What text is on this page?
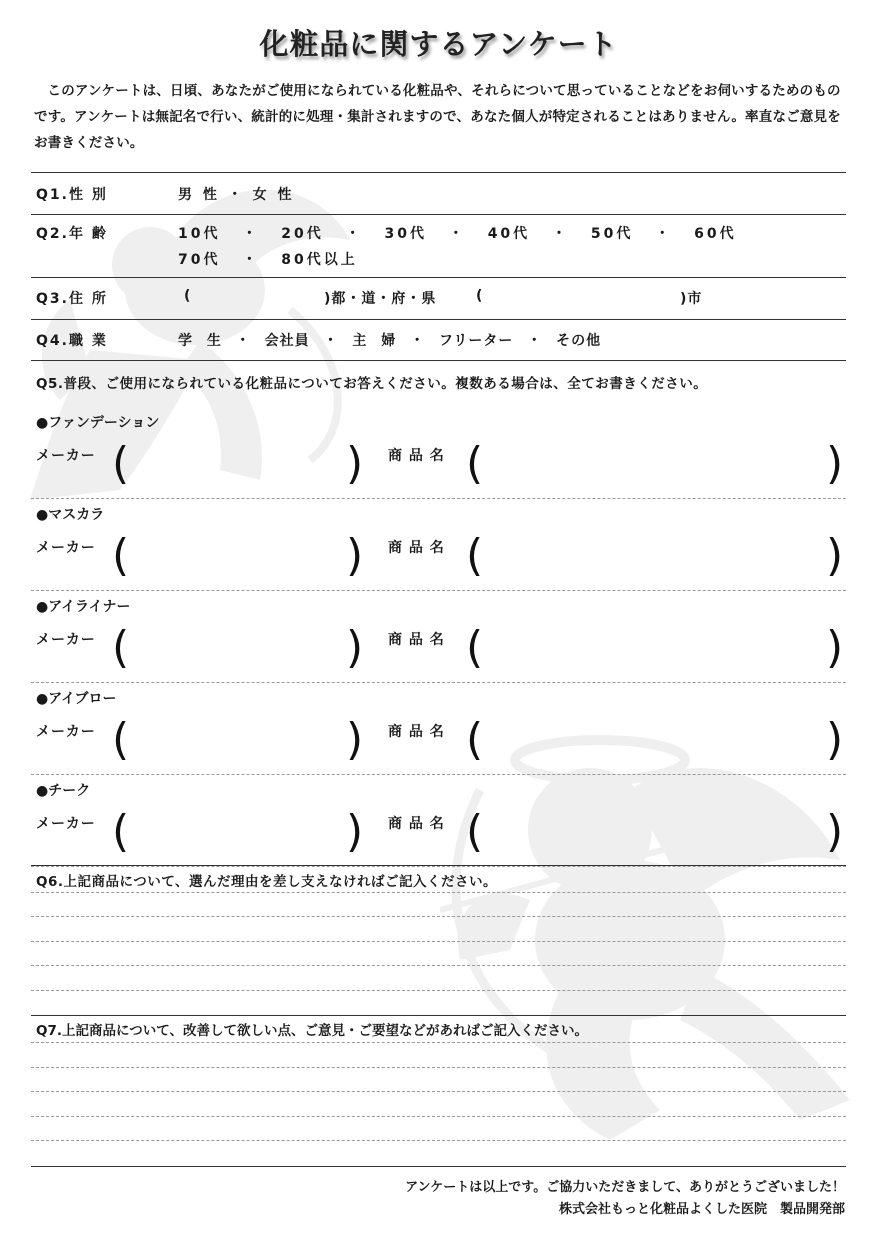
化粧品に関するアンケート
このアンケートは、日頃、あなたがご使用になられている化粧品や、それらについて思っていることなどをお伺いするためのものです。アンケートは無記名で行い、統計的に処理・集計されますので、あなた個人が特定されることはありません。率直なご意見をお書きください。
Q1.性 別	男 性 ・ 女 性
Q2.年 齢	10代 ・ 20代 ・ 30代 ・ 40代 ・ 50代 ・ 60代
70代 ・ 80代以上
Q3.住 所	(	)都・道・府・県	(	)市
Q4.職 業	学 生 ・ 会社員 ・ 主 婦 ・ フリーター ・ その他
Q5.普段、ご使用になられている化粧品についてお答えください。複数ある場合は、全てお書きください。
●ファンデーション
メーカー (	) 商 品 名 (	)
●マスカラ
メーカー (	) 商 品 名 (	)
●アイライナー
メーカー (	) 商 品 名 (	)
●アイブロー
メーカー (	) 商 品 名 (	)
●チーク
メーカー (	) 商 品 名 (	)
Q6.上記商品について、選んだ理由を差し支えなければご記入ください。
Q7.上記商品について、改善して欲しい点、ご意見・ご要望などがあればご記入ください。
アンケートは以上です。ご協力いただきまして、ありがとうございました！
株式会社もっと化粧品よくした医院　製品開発部
